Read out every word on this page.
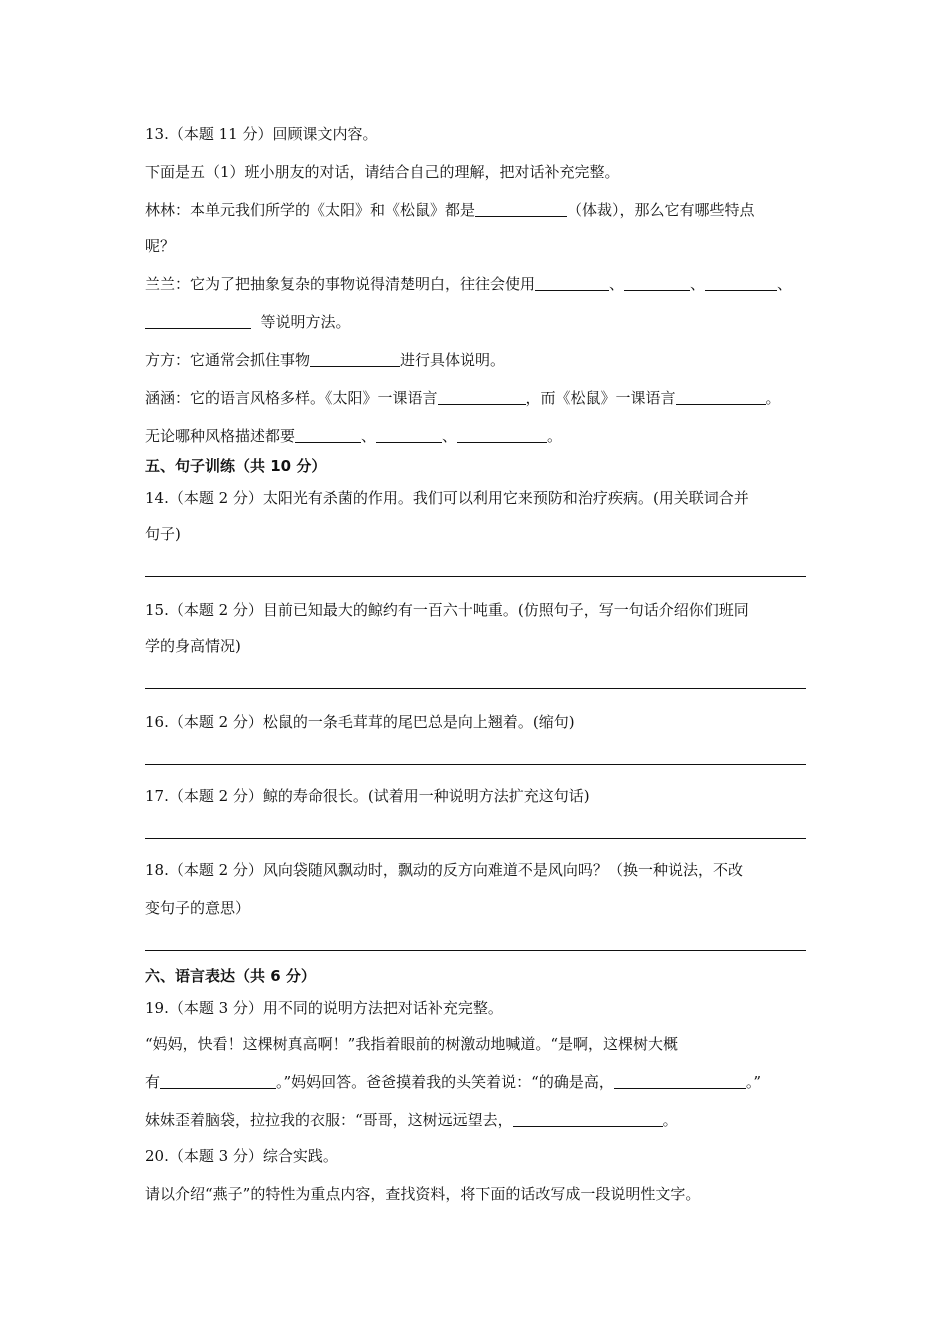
13.（本题 11 分）回顾课文内容。
下面是五（1）班小朋友的对话，请结合自己的理解，把对话补充完整。
林林：本单元我们所学的《太阳》和《松鼠》都是	（体裁），那么它有哪些特点
呢？
兰兰：它为了把抽象复杂的事物说得清楚明白，往往会使用	、	、	、
等说明方法。
方方：它通常会抓住事物	进行具体说明。
涵涵：它的语言风格多样。《太阳》一课语言	，而《松鼠》一课语言	。
无论哪种风格描述都要	、	、	。
五、句子训练（共 10 分）
14.（本题 2 分）太阳光有杀菌的作用。我们可以利用它来预防和治疗疾病。(用关联词合并
句子)
15.（本题 2 分）目前已知最大的鲸约有一百六十吨重。(仿照句子，写一句话介绍你们班同
学的身高情况)
16.（本题 2 分）松鼠的一条毛茸茸的尾巴总是向上翘着。(缩句)
17.（本题 2 分）鲸的寿命很长。(试着用一种说明方法扩充这句话)
18.（本题 2 分）风向袋随风飘动时，飘动的反方向难道不是风向吗？（换一种说法，不改
变句子的意思）
六、语言表达（共 6 分）
19.（本题 3 分）用不同的说明方法把对话补充完整。
“妈妈，快看！这棵树真高啊！”我指着眼前的树激动地喊道。“是啊，这棵树大概
有	。”妈妈回答。爸爸摸着我的头笑着说：“的确是高，	。”
妹妹歪着脑袋，拉拉我的衣服：“哥哥，这树远远望去，	。
20.（本题 3 分）综合实践。
请以介绍“燕子”的特性为重点内容，查找资料，将下面的话改写成一段说明性文字。
